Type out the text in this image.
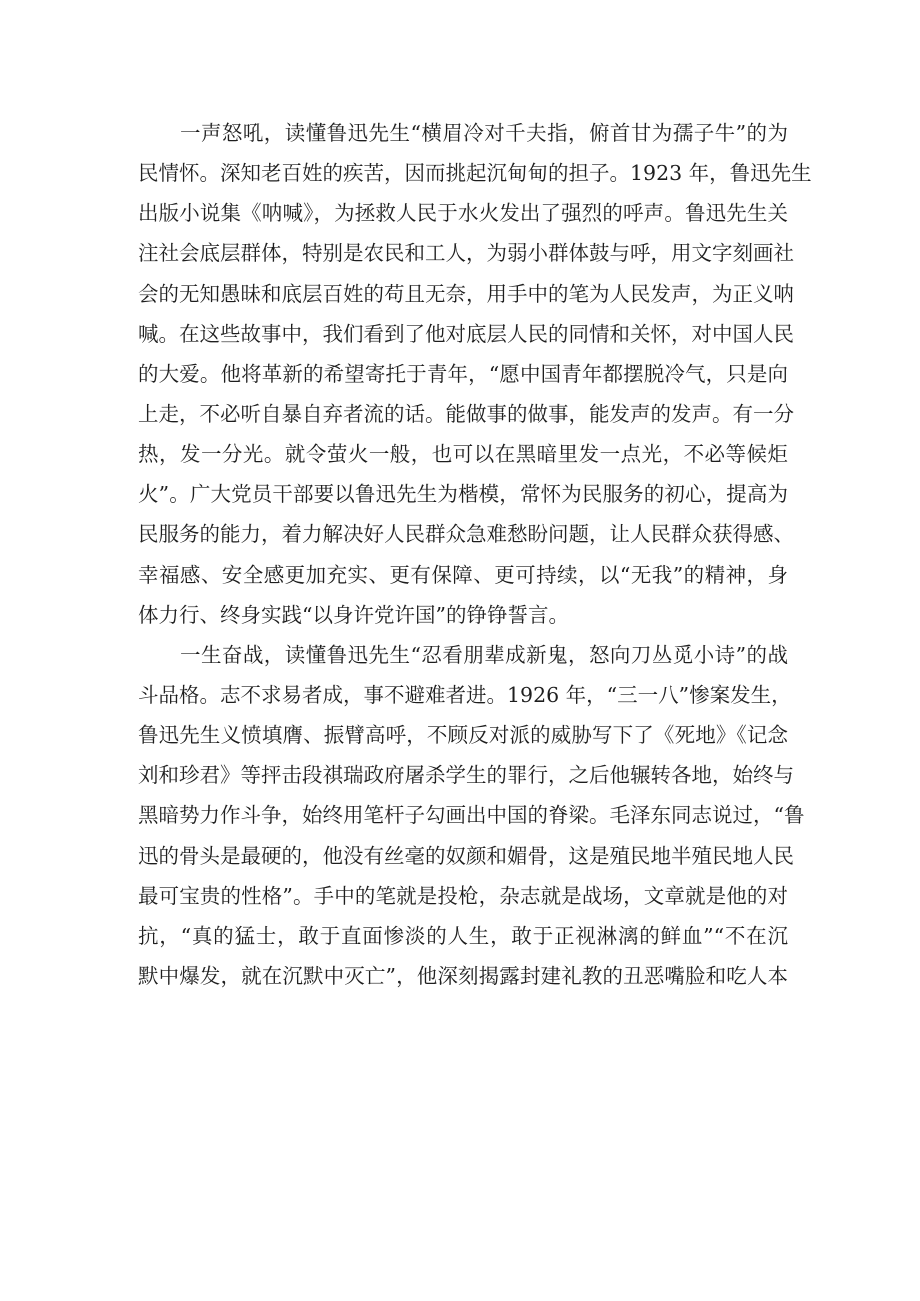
一声怒吼，读懂鲁迅先生“横眉冷对千夫指，俯首甘为孺子牛”的为
民情怀。深知老百姓的疾苦，因而挑起沉甸甸的担子。1923 年，鲁迅先生
出版小说集《呐喊》，为拯救人民于水火发出了强烈的呼声。鲁迅先生关
注社会底层群体，特别是农民和工人，为弱小群体鼓与呼，用文字刻画社
会的无知愚昧和底层百姓的苟且无奈，用手中的笔为人民发声，为正义呐
喊。在这些故事中，我们看到了他对底层人民的同情和关怀，对中国人民
的大爱。他将革新的希望寄托于青年，“愿中国青年都摆脱冷气，只是向
上走，不必听自暴自弃者流的话。能做事的做事，能发声的发声。有一分
热，发一分光。就令萤火一般，也可以在黑暗里发一点光，不必等候炬
火”。广大党员干部要以鲁迅先生为楷模，常怀为民服务的初心，提高为
民服务的能力，着力解决好人民群众急难愁盼问题，让人民群众获得感、
幸福感、安全感更加充实、更有保障、更可持续，以“无我”的精神，身
体力行、终身实践“以身许党许国”的铮铮誓言。
一生奋战，读懂鲁迅先生“忍看朋辈成新鬼，怒向刀丛觅小诗”的战
斗品格。志不求易者成，事不避难者进。1926 年，“三一八”惨案发生，
鲁迅先生义愤填膺、振臂高呼，不顾反对派的威胁写下了《死地》《记念
刘和珍君》等抨击段祺瑞政府屠杀学生的罪行，之后他辗转各地，始终与
黑暗势力作斗争，始终用笔杆子勾画出中国的脊梁。毛泽东同志说过，“鲁
迅的骨头是最硬的，他没有丝毫的奴颜和媚骨，这是殖民地半殖民地人民
最可宝贵的性格”。手中的笔就是投枪，杂志就是战场，文章就是他的对
抗，“真的猛士，敢于直面惨淡的人生，敢于正视淋漓的鲜血”“不在沉
默中爆发，就在沉默中灭亡”，他深刻揭露封建礼教的丑恶嘴脸和吃人本
